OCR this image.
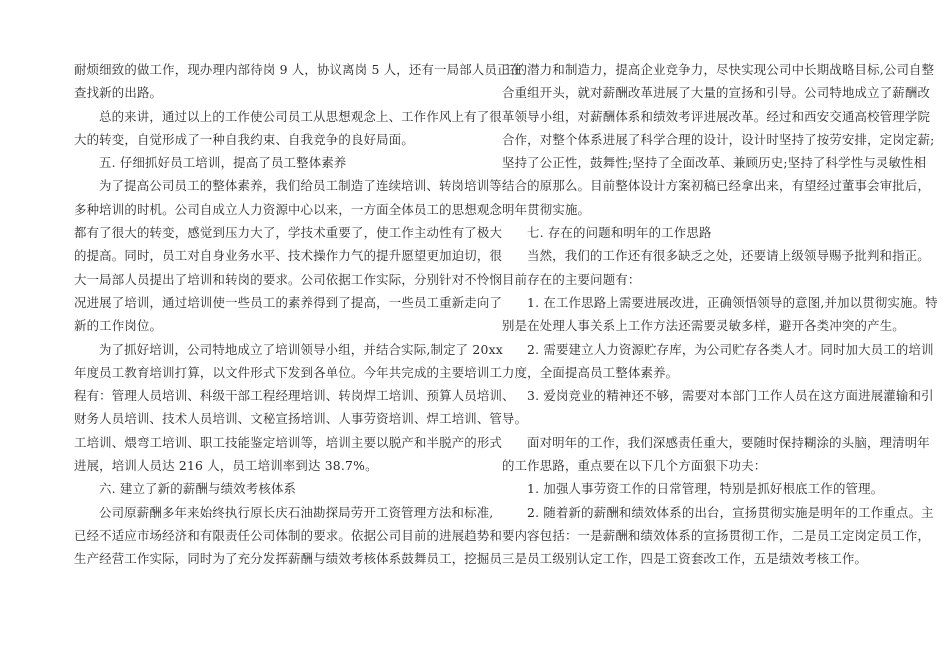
耐烦细致的做工作，现办理内部待岗 9 人，协议离岗 5 人，还有一局部人员正在

查找新的出路。

总的来讲，通过以上的工作使公司员工从思想观念上、工作作风上有了很

大的转变，自觉形成了一种自我约束、自我竞争的良好局面。

五. 仔细抓好员工培训，提高了员工整体素养

为了提高公司员工的整体素养，我们给员工制造了连续培训、转岗培训等

多种培训的时机。公司自成立人力资源中心以来，一方面全体员工的思想观念

都有了很大的转变，感觉到压力大了，学技术重要了，使工作主动性有了极大

的提高。同时，员工对自身业务水平、技术操作力气的提升愿望更加迫切，很

大一局部人员提出了培训和转岗的要求。公司依据工作实际，分别针对不怜悯

况进展了培训，通过培训使一些员工的素养得到了提高，一些员工重新走向了

新的工作岗位。

为了抓好培训，公司特地成立了培训领导小组，并结合实际,制定了 20xx

年度员工教育培训打算，以文件形式下发到各单位。今年共完成的主要培训工

程有：管理人员培训、科级干部工程经理培训、转岗焊工培训、预算人员培训、

财务人员培训、技术人员培训、文秘宣扬培训、人事劳资培训、焊工培训、管

工培训、煨弯工培训、职工技能鉴定培训等，培训主要以脱产和半脱产的形式

进展，培训人员达 216 人，员工培训率到达 38.7%。

六. 建立了新的薪酬与绩效考核体系

公司原薪酬多年来始终执行原长庆石油勘探局劳开工资管理方法和标准,

已经不适应市场经济和有限责任公司体制的要求。依据公司目前的进展趋势和

生产经营工作实际，同时为了充分发挥薪酬与绩效考核体系鼓舞员工，挖掘员

工的潜力和制造力，提高企业竞争力，尽快实现公司中长期战略目标,公司自整

合重组开头，就对薪酬改革进展了大量的宣扬和引导。公司特地成立了薪酬改

革领导小组，对薪酬体系和绩效考评进展改革。经过和西安交通高校管理学院

合作，对整个体系进展了科学合理的设计，设计时坚持了按劳安排，定岗定薪;

坚持了公正性，鼓舞性;坚持了全面改革、兼顾历史;坚持了科学性与灵敏性相

结合的原那么。目前整体设计方案初稿已经拿出来，有望经过董事会审批后，

明年贯彻实施。

七. 存在的问题和明年的工作思路

当然，我们的工作还有很多缺乏之处，还要请上级领导赐予批判和指正。

目前存在的主要问题有：

1. 在工作思路上需要进展改进，正确领悟领导的意图,并加以贯彻实施。特

别是在处理人事关系上工作方法还需要灵敏多样，避开各类冲突的产生。

2. 需要建立人力资源贮存库，为公司贮存各类人才。同时加大员工的培训

力度，全面提高员工整体素养。

3. 爱岗竞业的精神还不够，需要对本部门工作人员在这方面进展灌输和引

导。

面对明年的工作，我们深感责任重大，要随时保持糊涂的头脑，理清明年

的工作思路，重点要在以下几个方面狠下功夫：

1. 加强人事劳资工作的日常管理，特别是抓好根底工作的管理。

2. 随着新的薪酬和绩效体系的出台，宣扬贯彻实施是明年的工作重点。主

要内容包括：一是薪酬和绩效体系的宣扬贯彻工作，二是员工定岗定员工作，

三是员工级别认定工作，四是工资套改工作，五是绩效考核工作。
